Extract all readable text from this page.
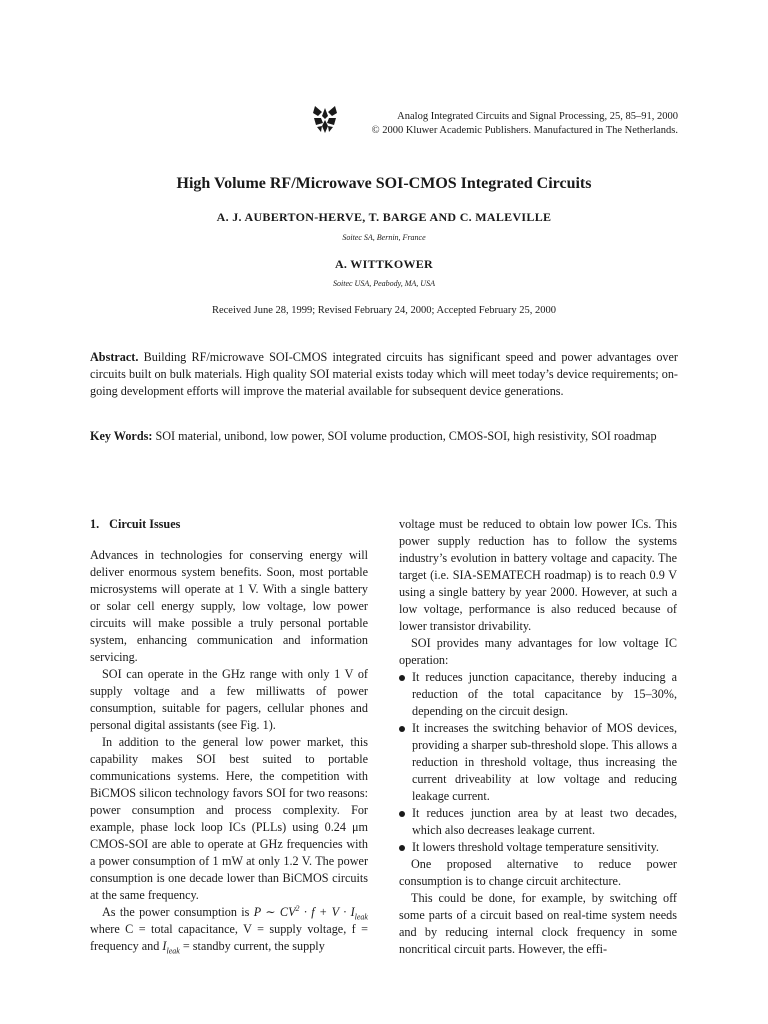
Analog Integrated Circuits and Signal Processing, 25, 85–91, 2000
© 2000 Kluwer Academic Publishers. Manufactured in The Netherlands.
High Volume RF/Microwave SOI-CMOS Integrated Circuits
A. J. AUBERTON-HERVE, T. BARGE AND C. MALEVILLE
Soitec SA, Bernin, France
A. WITTKOWER
Soitec USA, Peabody, MA, USA
Received June 28, 1999; Revised February 24, 2000; Accepted February 25, 2000
Abstract. Building RF/microwave SOI-CMOS integrated circuits has significant speed and power advantages over circuits built on bulk materials. High quality SOI material exists today which will meet today’s device requirements; on-going development efforts will improve the material available for subsequent device generations.
Key Words: SOI material, unibond, low power, SOI volume production, CMOS-SOI, high resistivity, SOI roadmap

1. Circuit Issues

Advances in technologies for conserving energy will deliver enormous system benefits. Soon, most portable microsystems will operate at 1 V. With a single battery or solar cell energy supply, low voltage, low power circuits will make possible a truly personal portable system, enhancing communication and information servicing.

SOI can operate in the GHz range with only 1 V of supply voltage and a few milliwatts of power consumption, suitable for pagers, cellular phones and personal digital assistants (see Fig. 1).

In addition to the general low power market, this capability makes SOI best suited to portable communications systems. Here, the competition with BiCMOS silicon technology favors SOI for two reasons: power consumption and process complexity. For example, phase lock loop ICs (PLLs) using 0.24 μm CMOS-SOI are able to operate at GHz frequencies with a power consumption of 1 mW at only 1.2 V. The power consumption is one decade lower than BiCMOS circuits at the same frequency.

As the power consumption is P ∼ $CV^2 \cdot f + V \cdot I_{leak}$ where C = total capacitance, V = supply voltage, f = frequency and $I_{leak}$ = standby current, the supply

voltage must be reduced to obtain low power ICs. This power supply reduction has to follow the systems industry’s evolution in battery voltage and capacity. The target (i.e. SIA-SEMATECH roadmap) is to reach 0.9 V using a single battery by year 2000. However, at such a low voltage, performance is also reduced because of lower transistor drivability.

SOI provides many advantages for low voltage IC operation:

It reduces junction capacitance, thereby inducing a reduction of the total capacitance by 15–30%, depending on the circuit design.
It increases the switching behavior of MOS devices, providing a sharper sub-threshold slope. This allows a reduction in threshold voltage, thus increasing the current driveability at low voltage and reducing leakage current.
It reduces junction area by at least two decades, which also decreases leakage current.
It lowers threshold voltage temperature sensitivity.

One proposed alternative to reduce power consumption is to change circuit architecture.

This could be done, for example, by switching off some parts of a circuit based on real-time system needs and by reducing internal clock frequency in some noncritical circuit parts. However, the effi-
